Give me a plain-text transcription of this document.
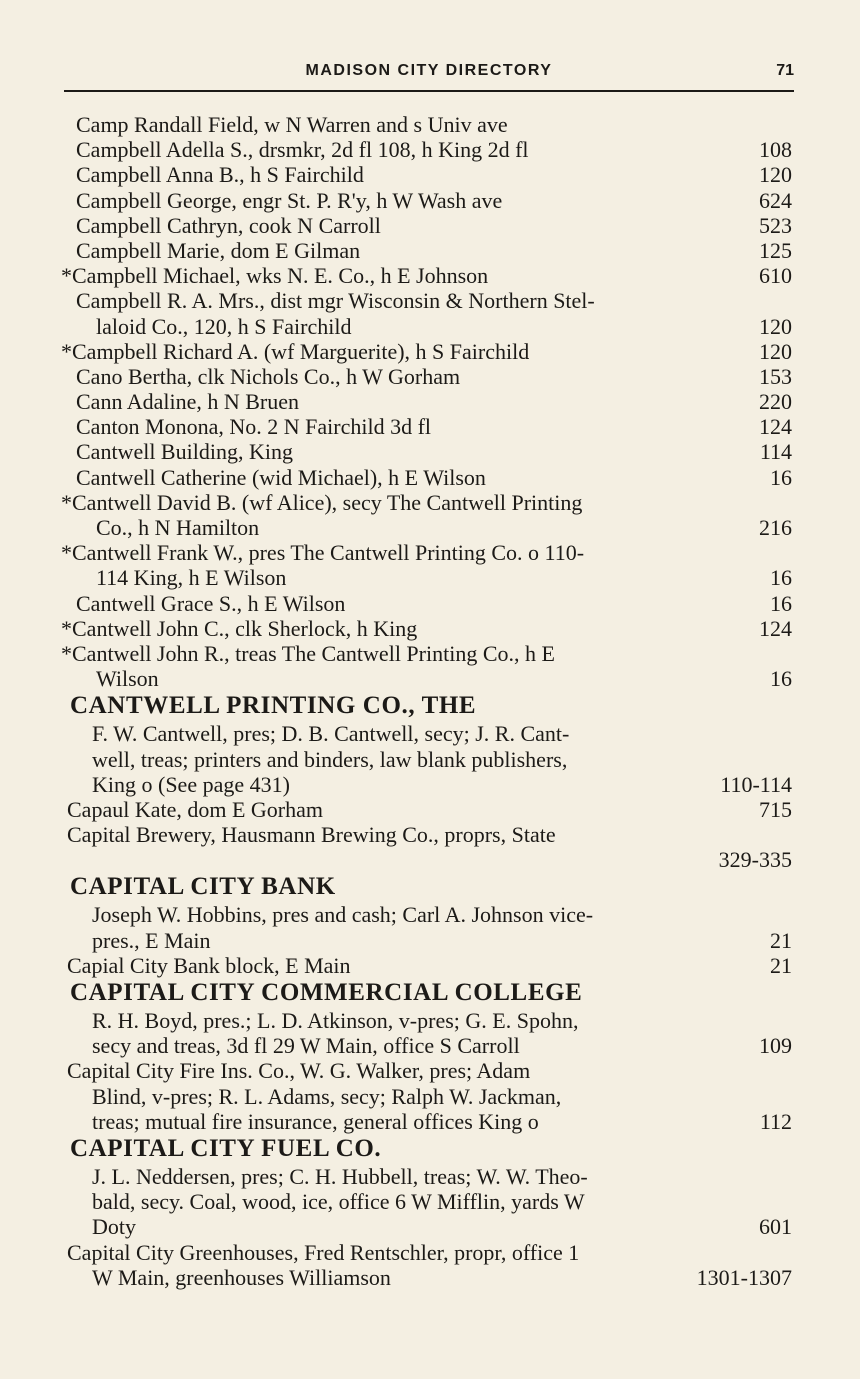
MADISON CITY DIRECTORY	71
Camp Randall Field, w N Warren and s Univ ave
Campbell Adella S., drsmkr, 2d fl 108, h King 2d fl	108
Campbell Anna B., h S Fairchild	120
Campbell George, engr St. P. R'y, h W Wash ave	624
Campbell Cathryn, cook N Carroll	523
Campbell Marie, dom E Gilman	125
*Campbell Michael, wks N. E. Co., h E Johnson	610
Campbell R. A. Mrs., dist mgr Wisconsin & Northern Stel-
laloid Co., 120, h S Fairchild	120
*Campbell Richard A. (wf Marguerite), h S Fairchild	120
Cano Bertha, clk Nichols Co., h W Gorham	153
Cann Adaline, h N Bruen	220
Canton Monona, No. 2 N Fairchild 3d fl	124
Cantwell Building, King	114
Cantwell Catherine (wid Michael), h E Wilson	16
*Cantwell David B. (wf Alice), secy The Cantwell Printing
Co., h N Hamilton	216
*Cantwell Frank W., pres The Cantwell Printing Co. o 110-
114 King, h E Wilson	16
Cantwell Grace S., h E Wilson	16
*Cantwell John C., clk Sherlock, h King	124
*Cantwell John R., treas The Cantwell Printing Co., h E
Wilson	16
CANTWELL PRINTING CO., THE
F. W. Cantwell, pres; D. B. Cantwell, secy; J. R. Cant-
well, treas; printers and binders, law blank publishers,
King o (See page 431)	110-114
Capaul Kate, dom E Gorham	715
Capital Brewery, Hausmann Brewing Co., proprs, State
329-335
CAPITAL CITY BANK
Joseph W. Hobbins, pres and cash; Carl A. Johnson vice-
pres., E Main	21
Capial City Bank block, E Main	21
CAPITAL CITY COMMERCIAL COLLEGE
R. H. Boyd, pres.; L. D. Atkinson, v-pres; G. E. Spohn,
secy and treas, 3d fl 29 W Main, office S Carroll	109
Capital City Fire Ins. Co., W. G. Walker, pres; Adam
Blind, v-pres; R. L. Adams, secy; Ralph W. Jackman,
treas; mutual fire insurance, general offices King o	112
CAPITAL CITY FUEL CO.
J. L. Neddersen, pres; C. H. Hubbell, treas; W. W. Theo-
bald, secy. Coal, wood, ice, office 6 W Mifflin, yards W
Doty	601
Capital City Greenhouses, Fred Rentschler, propr, office 1
W Main, greenhouses Williamson	1301-1307
